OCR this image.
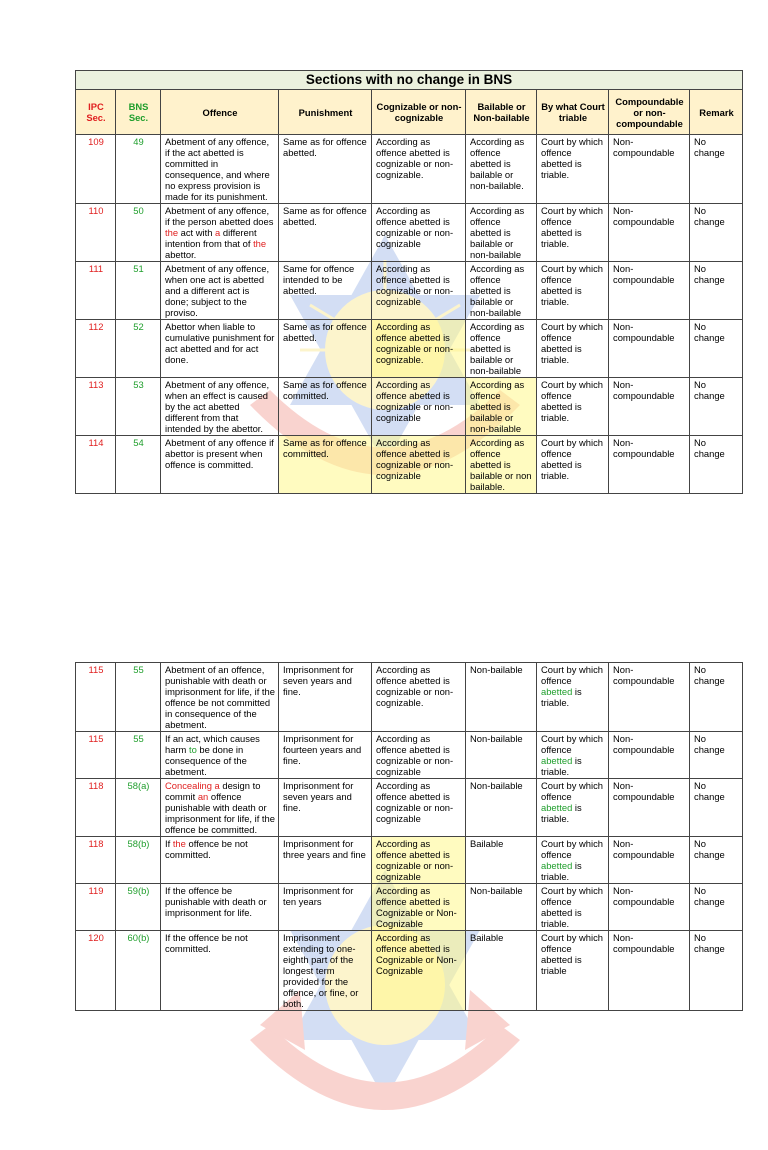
Sections with no change in BNS								
IPC Sec.	BNS Sec.	Offence	Punishment	Cognizable or non-cognizable	Bailable or Non-bailable	By what Court triable	Compoundable or non-compoundable	Remark
109	49	Abetment of any offence, if the act abetted is committed in consequence, and where no express provision is made for its punishment.	Same as for offence abetted.	According as offence abetted is cognizable or non-cognizable.	According as offence abetted is bailable or non-bailable.	Court by which offence abetted is triable.	Non-compoundable	No change
110	50	Abetment of any offence, if the person abetted does the act with a different intention from that of the abettor.	Same as for offence abetted.	According as offence abetted is cognizable or non-cognizable	According as offence abetted is bailable or non-bailable	Court by which offence abetted is triable.	Non-compoundable	No change
111	51	Abetment of any offence, when one act is abetted and a different act is done; subject to the proviso.	Same for offence intended to be abetted.	According as offence abetted is cognizable or non-cognizable	According as offence abetted is bailable or non-bailable	Court by which offence abetted is triable.	Non-compoundable	No change
112	52	Abettor when liable to cumulative punishment for act abetted and for act done.	Same as for offence abetted.	According as offence abetted is cognizable or non-cognizable.	According as offence abetted is bailable or non-bailable	Court by which offence abetted is triable.	Non-compoundable	No change
113	53	Abetment of any offence, when an effect is caused by the act abetted different from that intended by the abettor.	Same as for offence committed.	According as offence abetted is cognizable or non-cognizable	According as offence abetted is bailable or non-bailable	Court by which offence abetted is triable.	Non-compoundable	No change
114	54	Abetment of any offence if abettor is present when offence is committed.	Same as for offence committed.	According as offence abetted is cognizable or non-cognizable	According as offence abetted is bailable or non bailable.	Court by which offence abetted is triable.	Non-compoundable	No change
115	55	Abetment of an offence, punishable with death or imprisonment for life, if the offence be not committed in consequence of the abetment.	Imprisonment for seven years and fine.	According as offence abetted is cognizable or non-cognizable.	Non-bailable	Court by which offence abetted is triable.	Non-compoundable	No change
115	55	If an act, which causes harm to be done in consequence of the abetment.	Imprisonment for fourteen years and fine.	According as offence abetted is cognizable or non-cognizable	Non-bailable	Court by which offence abetted is triable.	Non-compoundable	No change
118	58(a)	Concealing a design to commit an offence punishable with death or imprisonment for life, if the offence be committed.	Imprisonment for seven years and fine.	According as offence abetted is cognizable or non-cognizable	Non-bailable	Court by which offence abetted is triable.	Non-compoundable	No change
118	58(b)	If the offence be not committed.	Imprisonment for three years and fine	According as offence abetted is cognizable or non-cognizable	Bailable	Court by which offence abetted is triable.	Non-compoundable	No change
119	59(b)	If the offence be punishable with death or imprisonment for life.	Imprisonment for ten years	According as offence abetted is Cognizable or Non-Cognizable	Non-bailable	Court by which offence abetted is triable.	Non-compoundable	No change
120	60(b)	If the offence be not committed.	Imprisonment extending to one-eighth part of the longest term provided for the offence, or fine, or both.	According as offence abetted is Cognizable or Non-Cognizable	Bailable	Court by which offence abetted is triable	Non-compoundable	No change
